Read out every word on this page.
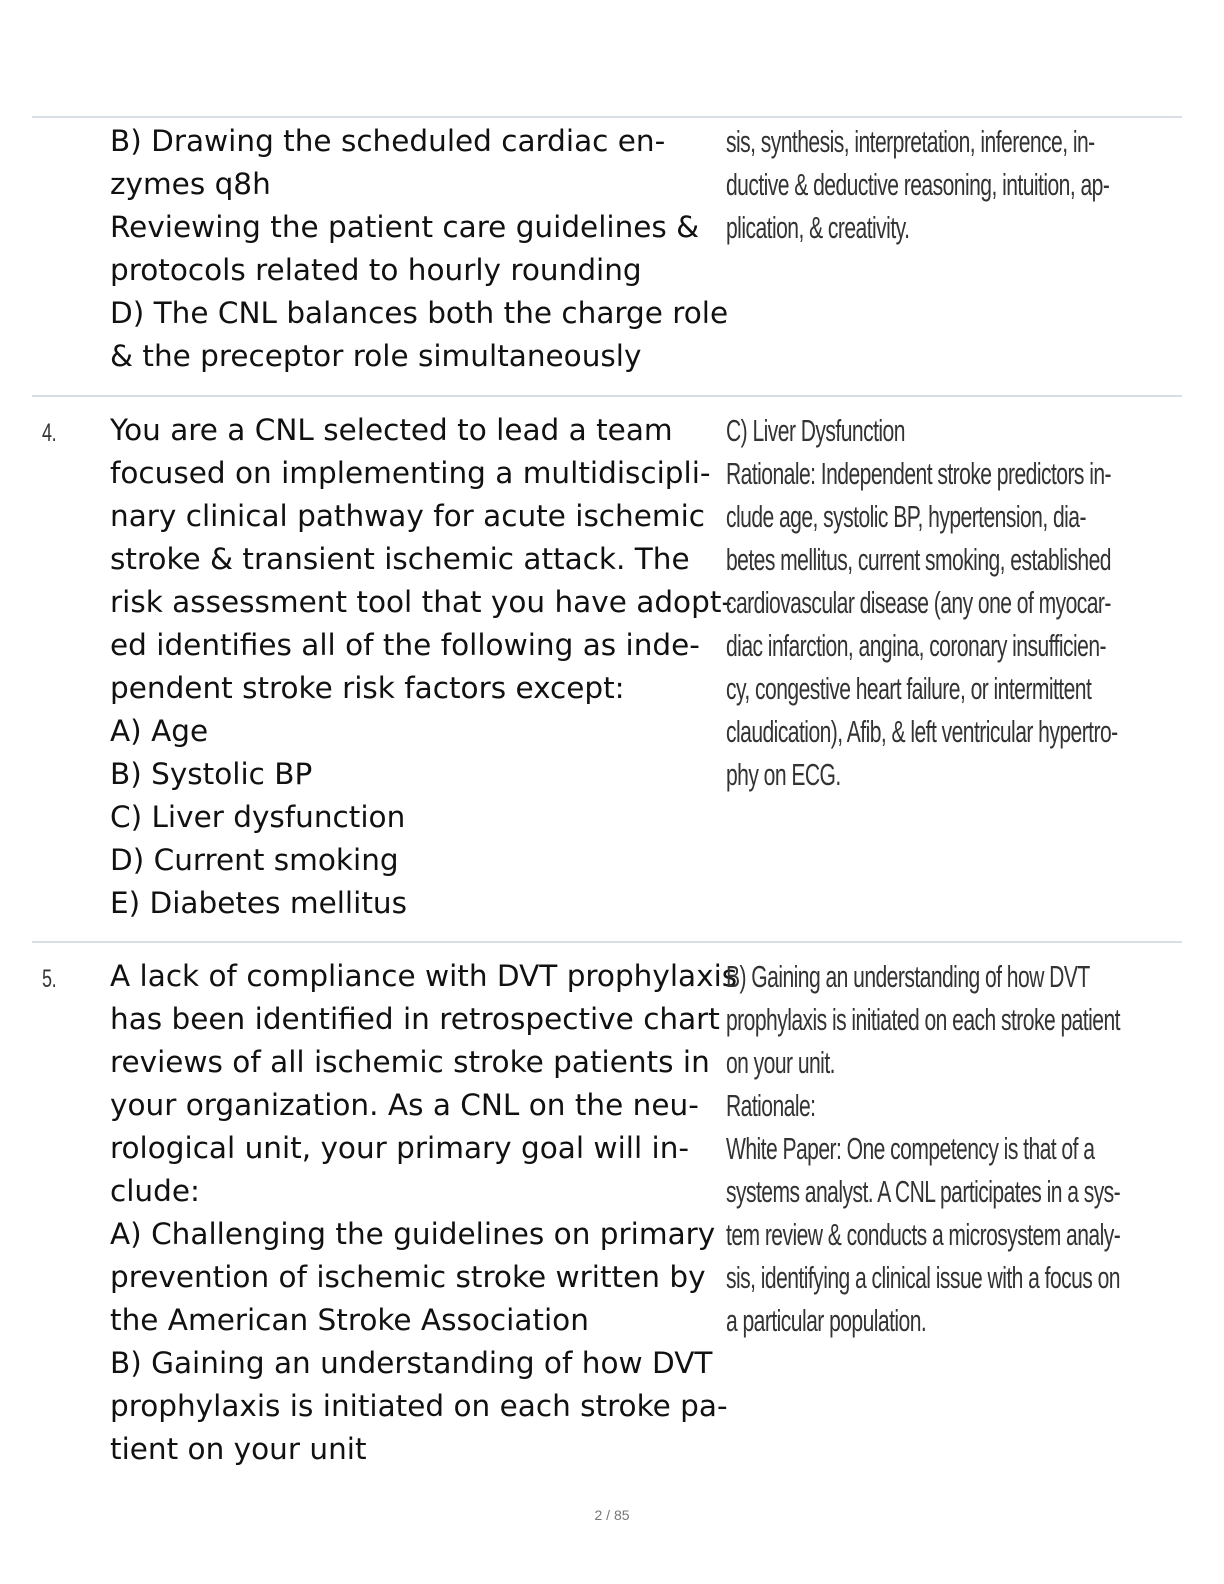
B) Drawing the scheduled cardiac en-
zymes q8h
Reviewing the patient care guidelines &
protocols related to hourly rounding
D) The CNL balances both the charge role
& the preceptor role simultaneously
sis, synthesis, interpretation, inference, in-
ductive & deductive reasoning, intuition, ap-
plication, & creativity.
4. You are a CNL selected to lead a team
focused on implementing a multidiscipli-
nary clinical pathway for acute ischemic
stroke & transient ischemic attack. The
risk assessment tool that you have adopt-
ed identifies all of the following as inde-
pendent stroke risk factors except:
A) Age
B) Systolic BP
C) Liver dysfunction
D) Current smoking
E) Diabetes mellitus
C) Liver Dysfunction
Rationale: Independent stroke predictors in-
clude age, systolic BP, hypertension, dia-
betes mellitus, current smoking, established
cardiovascular disease (any one of myocar-
diac infarction, angina, coronary insufficien-
cy, congestive heart failure, or intermittent
claudication), Afib, & left ventricular hypertro-
phy on ECG.
5. A lack of compliance with DVT prophylaxis
has been identified in retrospective chart
reviews of all ischemic stroke patients in
your organization. As a CNL on the neu-
rological unit, your primary goal will in-
clude:
A) Challenging the guidelines on primary
prevention of ischemic stroke written by
the American Stroke Association
B) Gaining an understanding of how DVT
prophylaxis is initiated on each stroke pa-
tient on your unit
B) Gaining an understanding of how DVT
prophylaxis is initiated on each stroke patient
on your unit.
Rationale:
White Paper: One competency is that of a
systems analyst. A CNL participates in a sys-
tem review & conducts a microsystem analy-
sis, identifying a clinical issue with a focus on
a particular population.
2 / 85
